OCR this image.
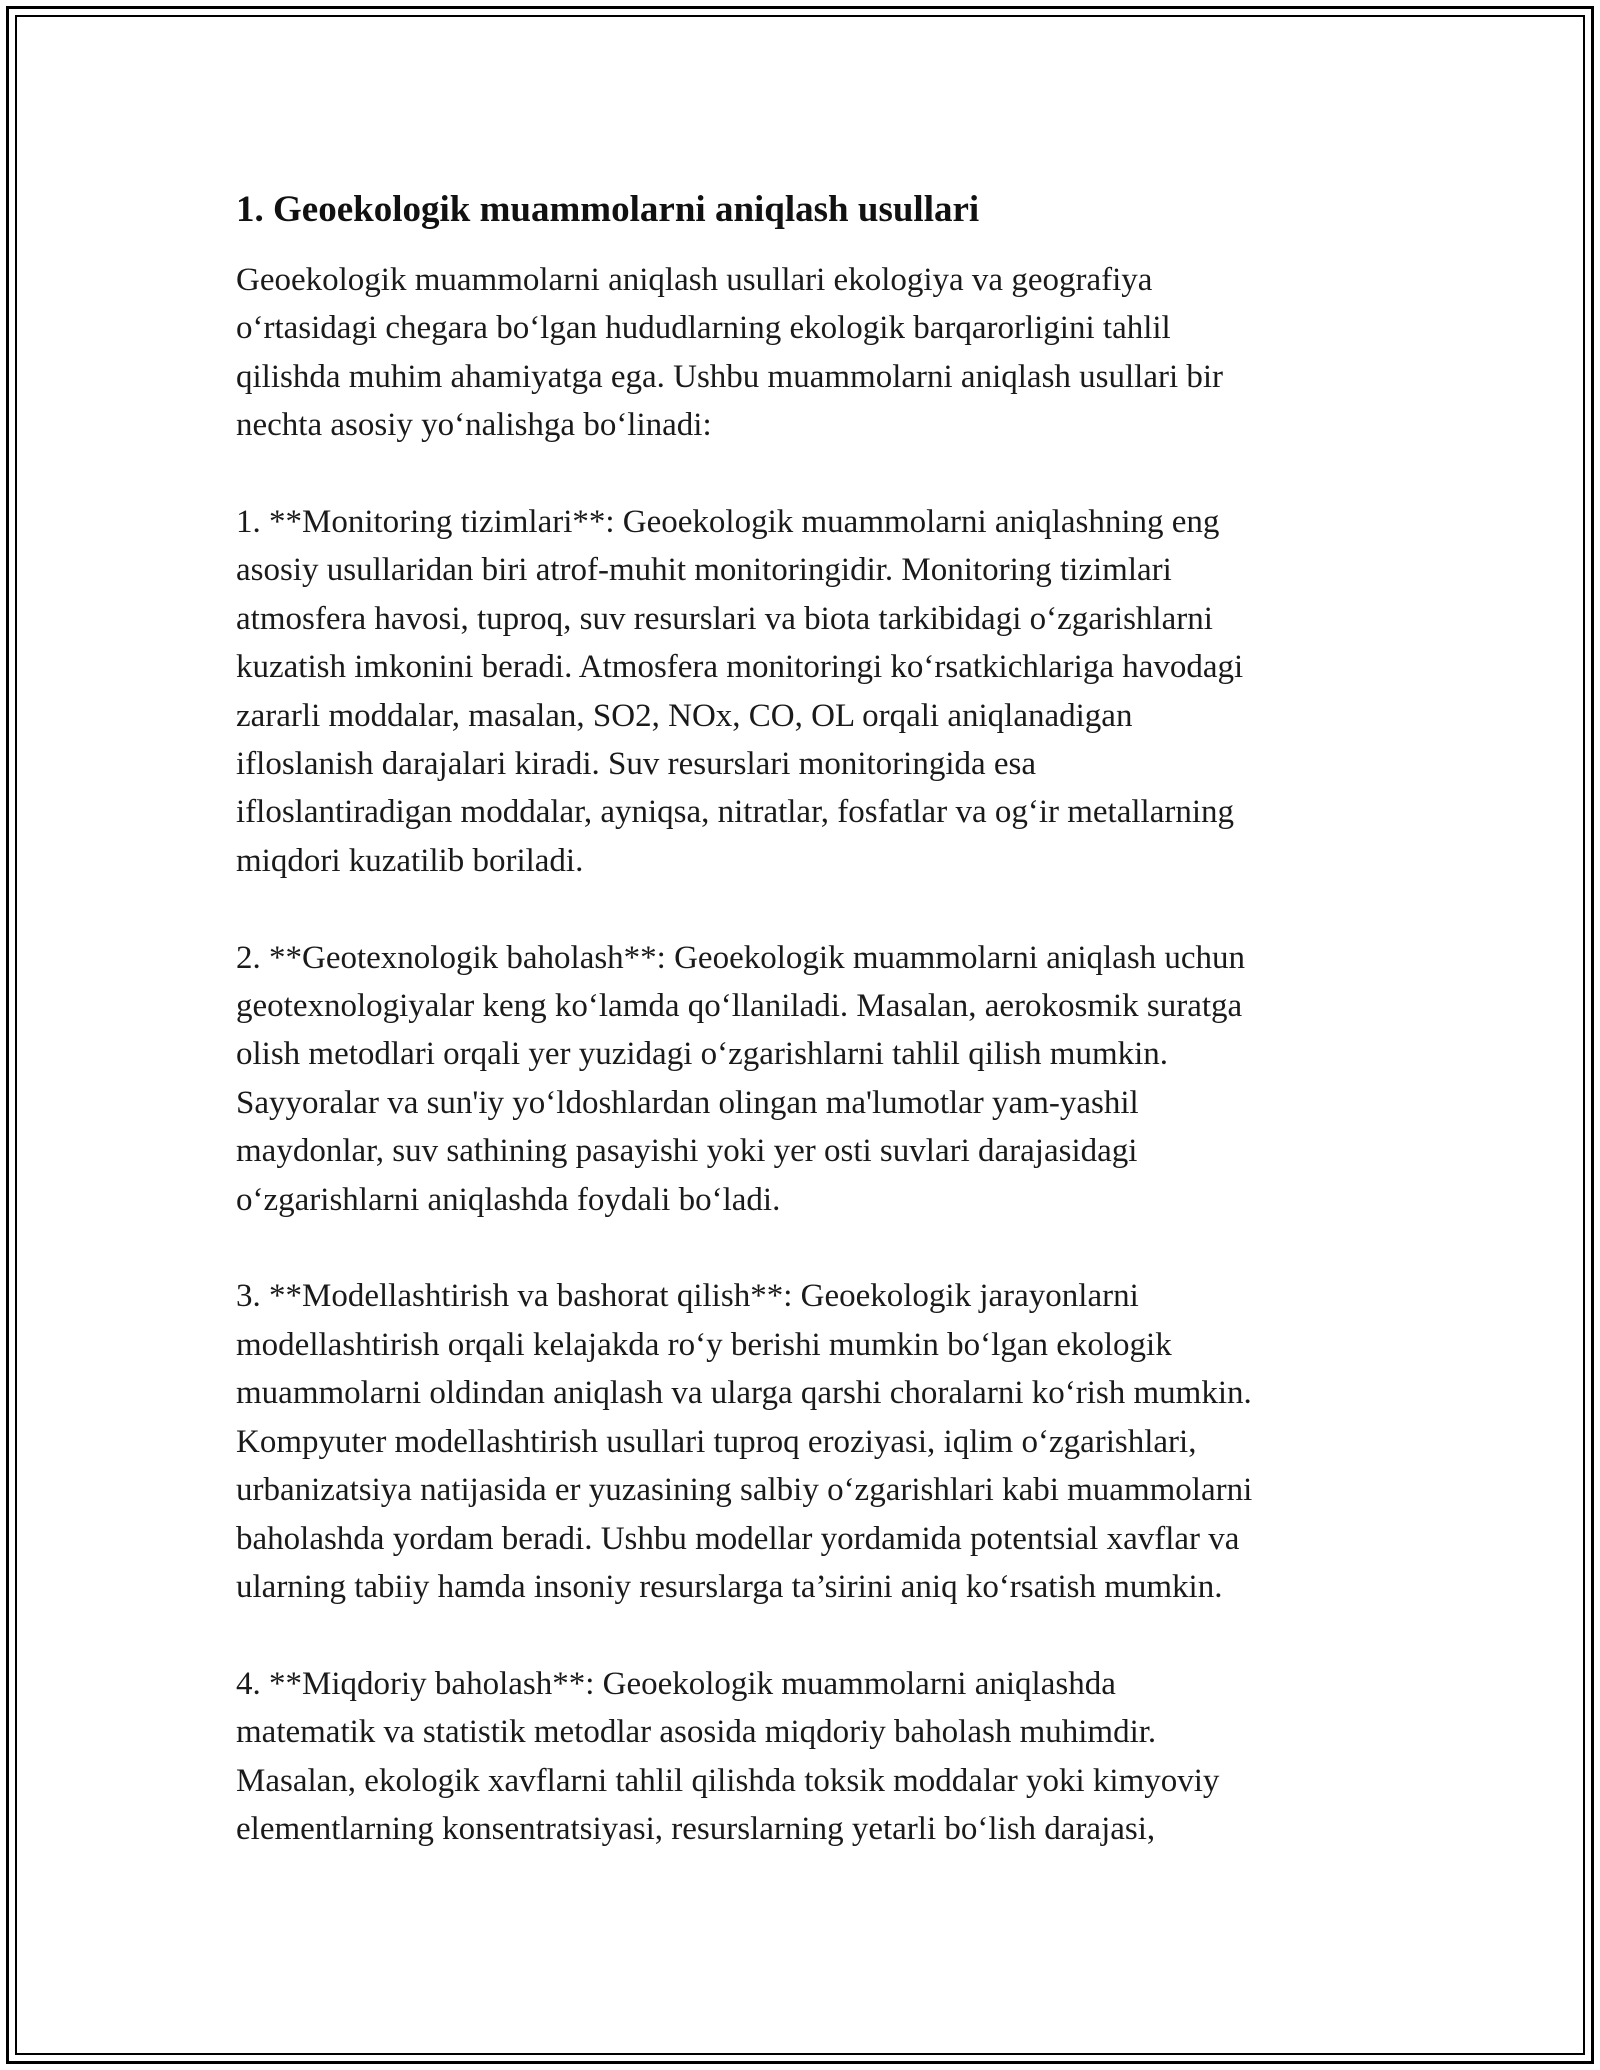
1. Geoekologik muammolarni aniqlash usullari

Geoekologik muammolarni aniqlash usullari ekologiya va geografiya
o‘rtasidagi chegara bo‘lgan hududlarning ekologik barqarorligini tahlil
qilishda muhim ahamiyatga ega. Ushbu muammolarni aniqlash usullari bir
nechta asosiy yo‘nalishga bo‘linadi:

1. **Monitoring tizimlari**: Geoekologik muammolarni aniqlashning eng
asosiy usullaridan biri atrof-muhit monitoringidir. Monitoring tizimlari
atmosfera havosi, tuproq, suv resurslari va biota tarkibidagi o‘zgarishlarni
kuzatish imkonini beradi. Atmosfera monitoringi ko‘rsatkichlariga havodagi
zararli moddalar, masalan, SO2, NOx, CO, OL orqali aniqlanadigan
ifloslanish darajalari kiradi. Suv resurslari monitoringida esa
ifloslantiradigan moddalar, ayniqsa, nitratlar, fosfatlar va og‘ir metallarning
miqdori kuzatilib boriladi.

2. **Geotexnologik baholash**: Geoekologik muammolarni aniqlash uchun
geotexnologiyalar keng ko‘lamda qo‘llaniladi. Masalan, aerokosmik suratga
olish metodlari orqali yer yuzidagi o‘zgarishlarni tahlil qilish mumkin.
Sayyoralar va sun'iy yo‘ldoshlardan olingan ma'lumotlar yam-yashil
maydonlar, suv sathining pasayishi yoki yer osti suvlari darajasidagi
o‘zgarishlarni aniqlashda foydali bo‘ladi.

3. **Modellashtirish va bashorat qilish**: Geoekologik jarayonlarni
modellashtirish orqali kelajakda ro‘y berishi mumkin bo‘lgan ekologik
muammolarni oldindan aniqlash va ularga qarshi choralarni ko‘rish mumkin.
Kompyuter modellashtirish usullari tuproq eroziyasi, iqlim o‘zgarishlari,
urbanizatsiya natijasida er yuzasining salbiy o‘zgarishlari kabi muammolarni
baholashda yordam beradi. Ushbu modellar yordamida potentsial xavflar va
ularning tabiiy hamda insoniy resurslarga ta’sirini aniq ko‘rsatish mumkin.

4. **Miqdoriy baholash**: Geoekologik muammolarni aniqlashda
matematik va statistik metodlar asosida miqdoriy baholash muhimdir.
Masalan, ekologik xavflarni tahlil qilishda toksik moddalar yoki kimyoviy
elementlarning konsentratsiyasi, resurslarning yetarli bo‘lish darajasi,
